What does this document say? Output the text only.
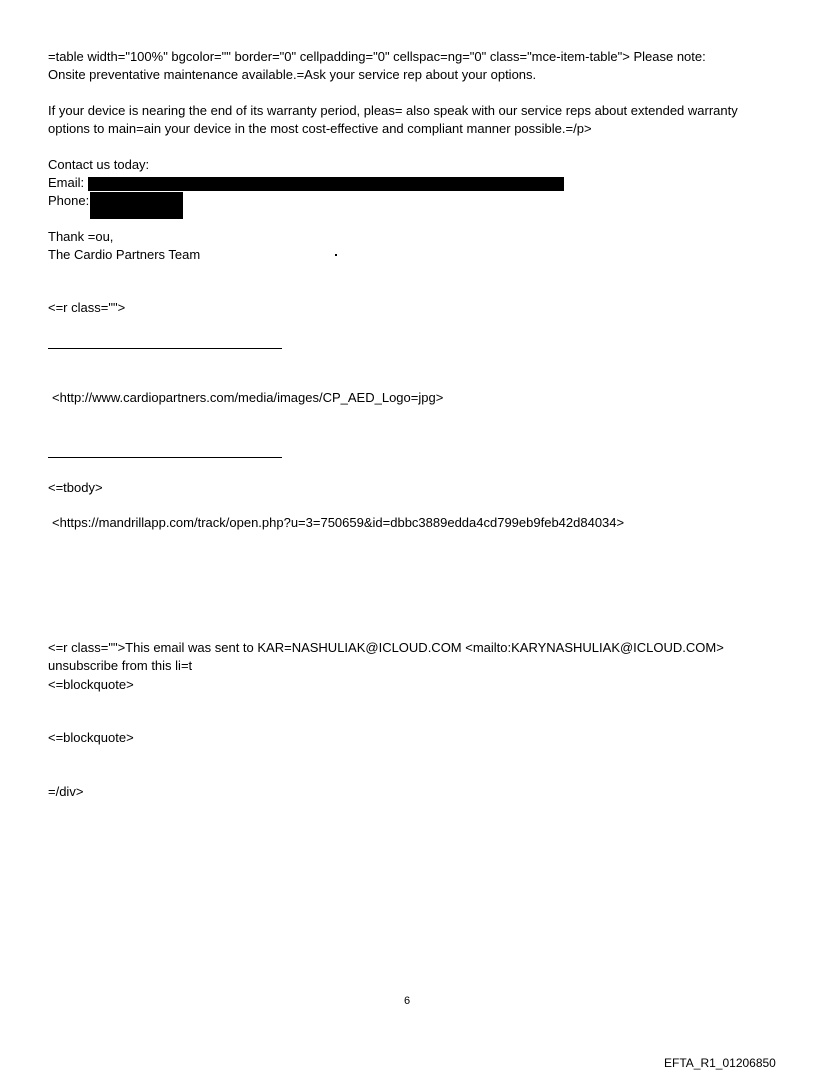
=table width="100%" bgcolor="" border="0" cellpadding="0" cellspac=ng="0" class="mce-item-table"> Please note:
Onsite preventative maintenance available.=Ask your service rep about your options.
If your device is nearing the end of its warranty period, pleas= also speak with our service reps about extended warranty
options to main=ain your device in the most cost-effective and compliant manner possible.=/p>
Contact us today:
Email:
Phone:
Thank =ou,
The Cardio Partners Team
<=r class="">
<http://www.cardiopartners.com/media/images/CP_AED_Logo=jpg>
<=tbody>
<https://mandrillapp.com/track/open.php?u=3=750659&id=dbbc3889edda4cd799eb9feb42d84034>
<=r class="">This email was sent to KAR=NASHULIAK@ICLOUD.COM <mailto:KARYNASHULIAK@ICLOUD.COM>
unsubscribe from this li=t
<=blockquote>
<=blockquote>
=/div>
6
EFTA_R1_01206850
